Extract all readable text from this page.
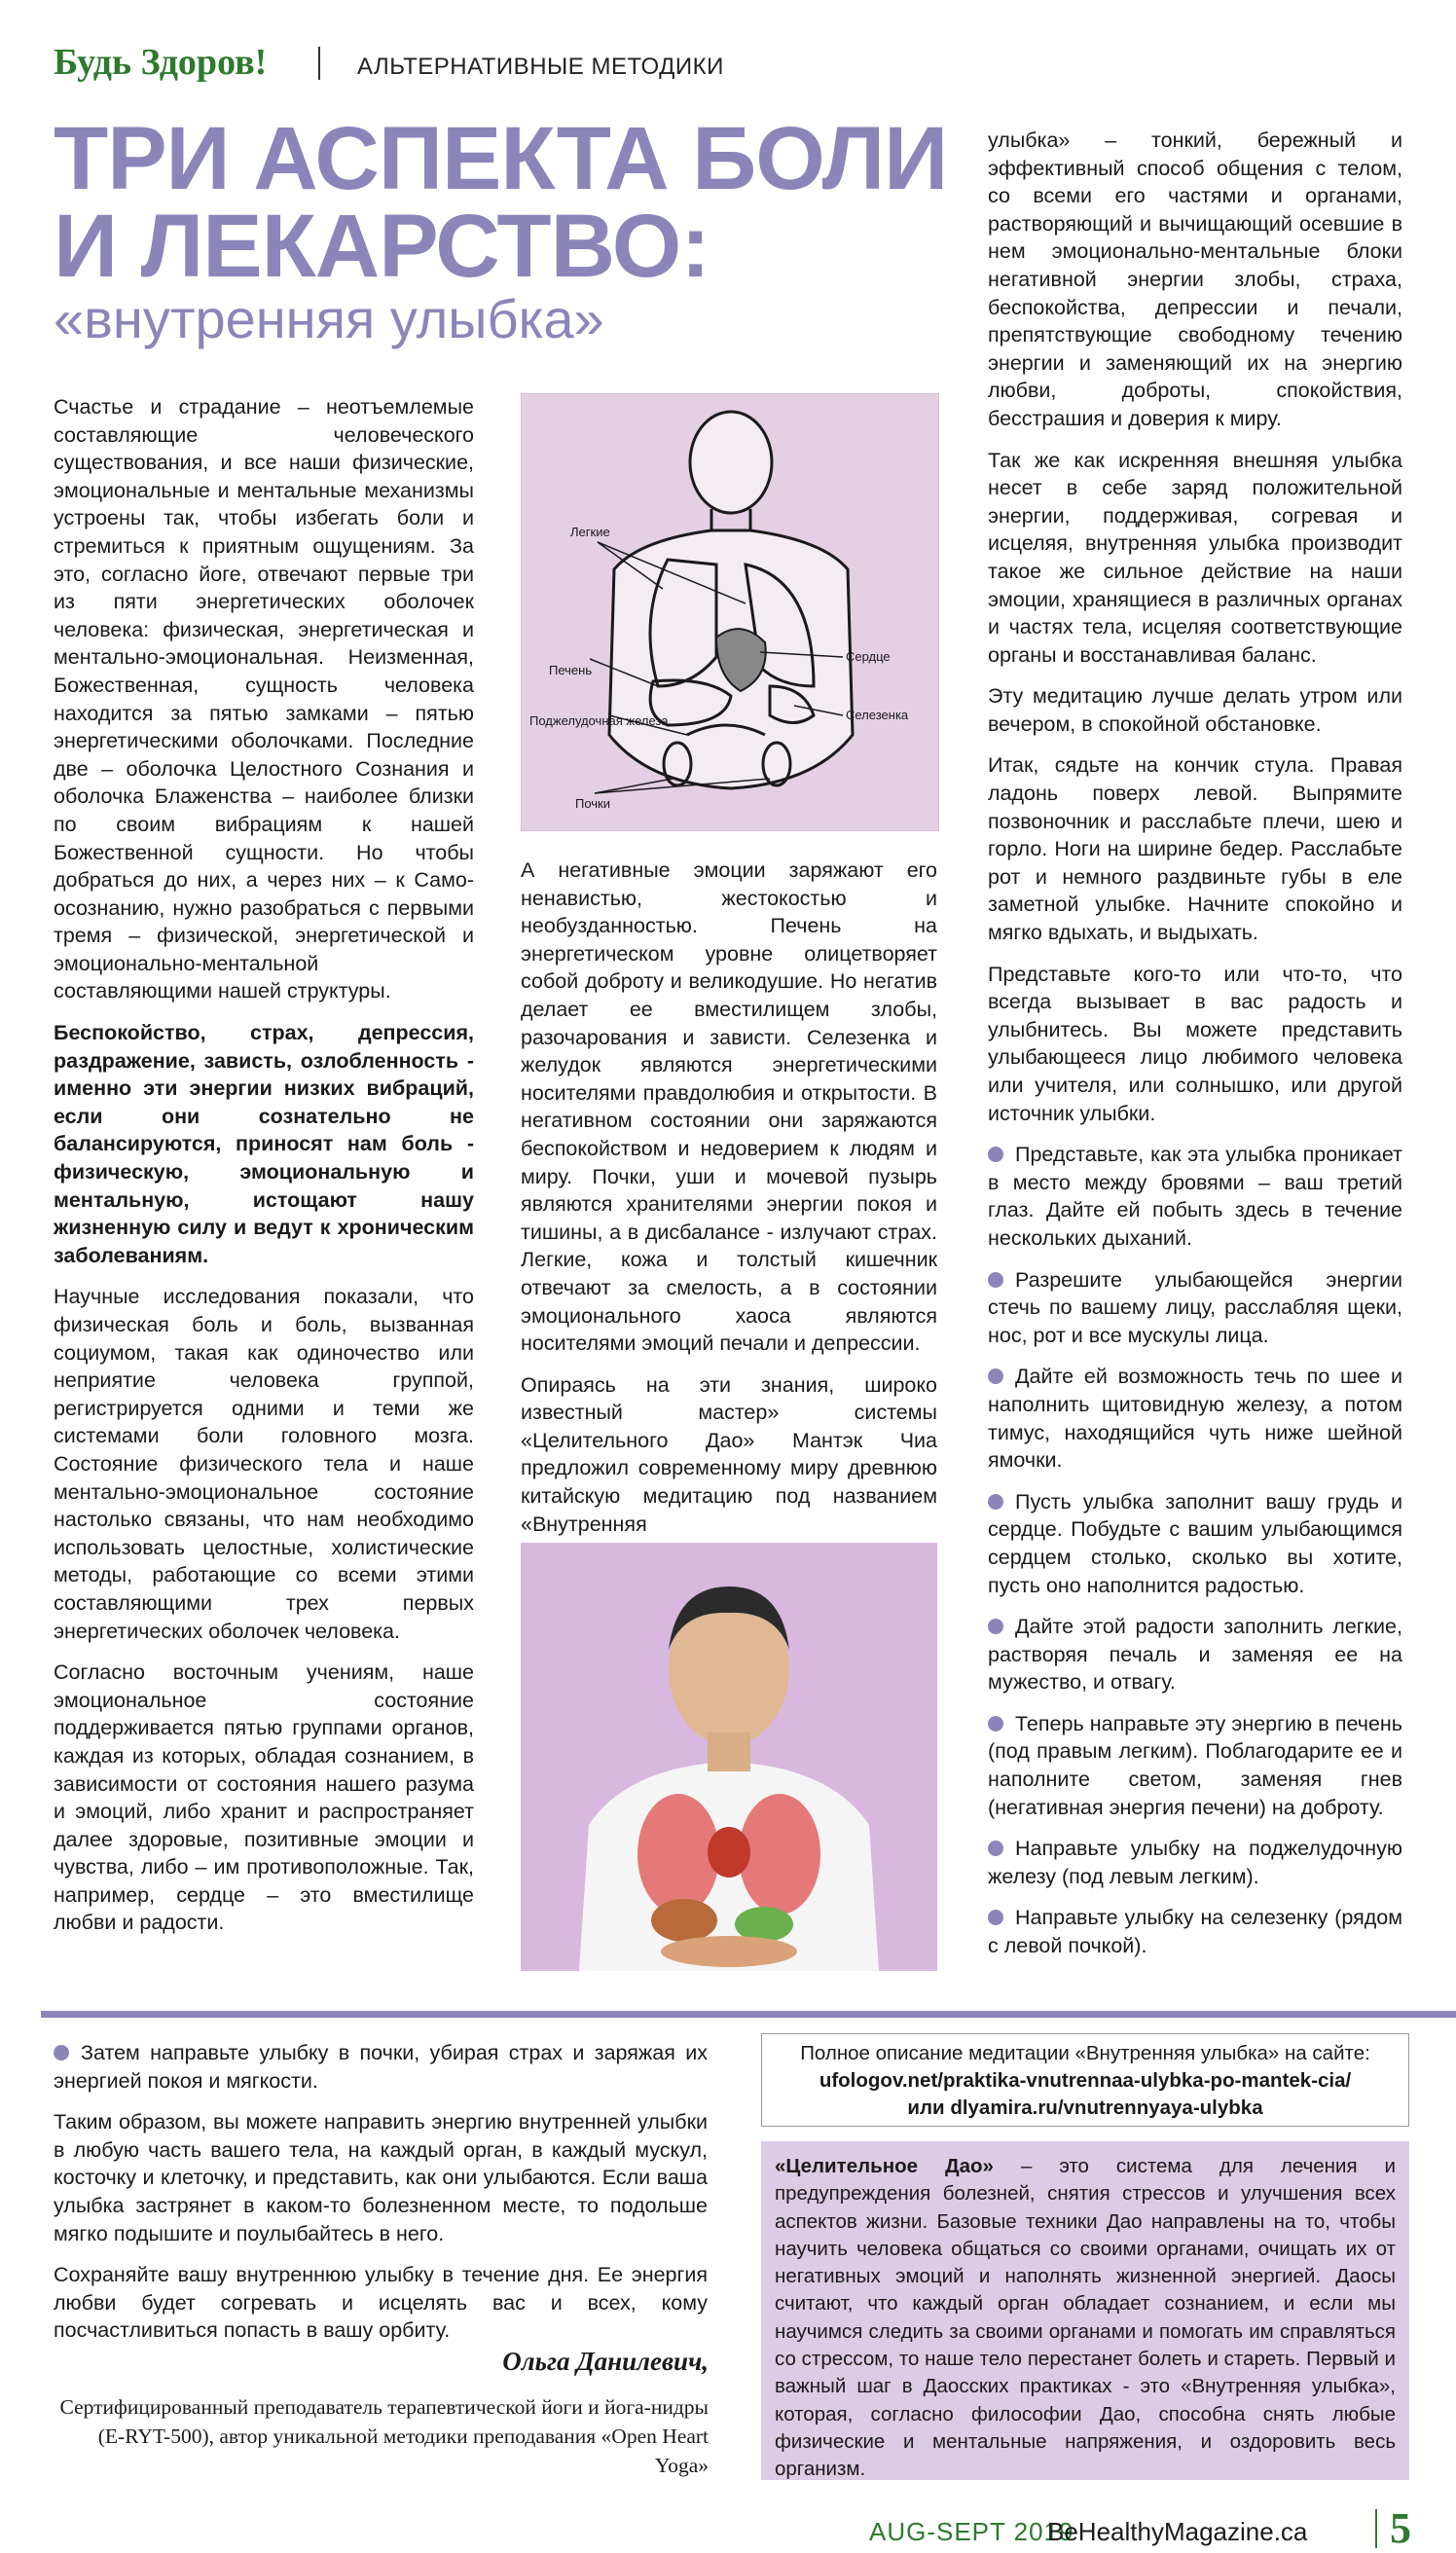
Будь Здоров!	АЛЬТЕРНАТИВНЫЕ МЕТОДИКИ
ТРИ АСПЕКТА БОЛИ
И ЛЕКАРСТВО:
«внутренняя улыбка»

Счастье и страдание – неотъемлемые составляющие человеческого существования, и все наши физические, эмоциональные и ментальные механизмы устроены так, чтобы избегать боли и стремиться к приятным ощущениям. За это, согласно йоге, отвечают первые три из пяти энергетических оболочек человека: физическая, энергетическая и ментально-эмоциональная. Неизменная, Божественная, сущность человека находится за пятью замками – пятью энергетическими оболочками. Последние две – оболочка Целостного Сознания и оболочка Блаженства – наиболее близки по своим вибрациям к нашей Божественной сущности. Но чтобы добраться до них, а через них – к Само-осознанию, нужно разобраться с первыми тремя – физической, энергетической и эмоционально-ментальной составляющими нашей структуры.

Беспокойство, страх, депрессия, раздражение, зависть, озлобленность - именно эти энергии низких вибраций, если они сознательно не балансируются, приносят нам боль - физическую, эмоциональную и ментальную, истощают нашу жизненную силу и ведут к хроническим заболеваниям.

Научные исследования показали, что физическая боль и боль, вызванная социумом, такая как одиночество или неприятие человека группой, регистрируется одними и теми же системами боли головного мозга. Состояние физического тела и наше ментально-эмоциональное состояние настолько связаны, что нам необходимо использовать целостные, холистические методы, работающие со всеми этими составляющими трех первых энергетических оболочек человека.

Согласно восточным учениям, наше эмоциональное состояние поддерживается пятью группами органов, каждая из которых, обладая сознанием, в зависимости от состояния нашего разума и эмоций, либо хранит и распространяет далее здоровые, позитивные эмоции и чувства, либо – им противоположные. Так, например, сердце – это вместилище любви и радости.

Легкие
Сердце
Печень
Поджелудочная железа	Селезенка
Почки

А негативные эмоции заряжают его ненавистью, жестокостью и необузданностью. Печень на энергетическом уровне олицетворяет собой доброту и великодушие. Но негатив делает ее вместилищем злобы, разочарования и зависти. Селезенка и желудок являются энергетическими носителями правдолюбия и открытости. В негативном состоянии они заряжаются беспокойством и недоверием к людям и миру. Почки, уши и мочевой пузырь являются хранителями энергии покоя и тишины, а в дисбалансе - излучают страх. Легкие, кожа и толстый кишечник отвечают за смелость, а в состоянии эмоционального хаоса являются носителями эмоций печали и депрессии.

Опираясь на эти знания, широко известный мастер» системы «Целительного Дао» Мантэк Чиа предложил современному миру древнюю китайскую медитацию под названием «Внутренняя

улыбка» – тонкий, бережный и эффективный способ общения с телом, со всеми его частями и органами, растворяющий и вычищающий осевшие в нем эмоционально-ментальные блоки негативной энергии злобы, страха, беспокойства, депрессии и печали, препятствующие свободному течению энергии и заменяющий их на энергию любви, доброты, спокойствия, бесстрашия и доверия к миру.

Так же как искренняя внешняя улыбка несет в себе заряд положительной энергии, поддерживая, согревая и исцеляя, внутренняя улыбка производит такое же сильное действие на наши эмоции, хранящиеся в различных органах и частях тела, исцеляя соответствующие органы и восстанавливая баланс.

Эту медитацию лучше делать утром или вечером, в спокойной обстановке.

Итак, сядьте на кончик стула. Правая ладонь поверх левой. Выпрямите позвоночник и расслабьте плечи, шею и горло. Ноги на ширине бедер. Расслабьте рот и немного раздвиньте губы в еле заметной улыбке. Начните спокойно и мягко вдыхать, и выдыхать.

Представьте кого-то или что-то, что всегда вызывает в вас радость и улыбнитесь. Вы можете представить улыбающееся лицо любимого человека или учителя, или солнышко, или другой источник улыбки.

Представьте, как эта улыбка проникает в место между бровями – ваш третий глаз. Дайте ей побыть здесь в течение нескольких дыханий.

Разрешите улыбающейся энергии стечь по вашему лицу, расслабляя щеки, нос, рот и все мускулы лица.

Дайте ей возможность течь по шее и наполнить щитовидную железу, а потом тимус, находящийся чуть ниже шейной ямочки.

Пусть улыбка заполнит вашу грудь и сердце. Побудьте с вашим улыбающимся сердцем столько, сколько вы хотите, пусть оно наполнится радостью.

Дайте этой радости заполнить легкие, растворяя печаль и заменяя ее на мужество, и отвагу.

Теперь направьте эту энергию в печень (под правым легким). Поблагодарите ее и наполните светом, заменяя гнев (негативная энергия печени) на доброту.

Направьте улыбку на поджелудочную железу (под левым легким).

Направьте улыбку на селезенку (рядом с левой почкой).

Затем направьте улыбку в почки, убирая страх и заряжая их энергией покоя и мягкости.

Таким образом, вы можете направить энергию внутренней улыбки в любую часть вашего тела, на каждый орган, в каждый мускул, косточку и клеточку, и представить, как они улыбаются. Если ваша улыбка застрянет в каком-то болезненном месте, то подольше мягко подышите и поулыбайтесь в него.

Сохраняйте вашу внутреннюю улыбку в течение дня. Ее энергия любви будет согревать и исцелять вас и всех, кому посчастливиться попасть в вашу орбиту.

Ольга Данилевич,
Сертифицированный преподаватель терапевтической йоги и йога-нидры (E-RYT-500), автор уникальной методики преподавания «Open Heart Yoga»
Полное описание медитации «Внутренняя улыбка» на сайте:
ufologov.net/praktika-vnutrennaa-ulybka-po-mantek-cia/
или dlyamira.ru/vnutrennyaya-ulybka
«Целительное Дао» – это система для лечения и предупреждения болезней, снятия стрессов и улучшения всех аспектов жизни. Базовые техники Дао направлены на то, чтобы научить человека общаться со своими органами, очищать их от негативных эмоций и наполнять жизненной энергией. Даосы считают, что каждый орган обладает сознанием, и если мы научимся следить за своими органами и помогать им справляться со стрессом, то наше тело перестанет болеть и стареть. Первый и важный шаг в Даосских практиках - это «Внутренняя улыбка», которая, согласно философии Дао, способна снять любые физические и ментальные напряжения, и оздоровить весь организм.
AUG-SEPT 2019
BeHealthyMagazine.ca 5
